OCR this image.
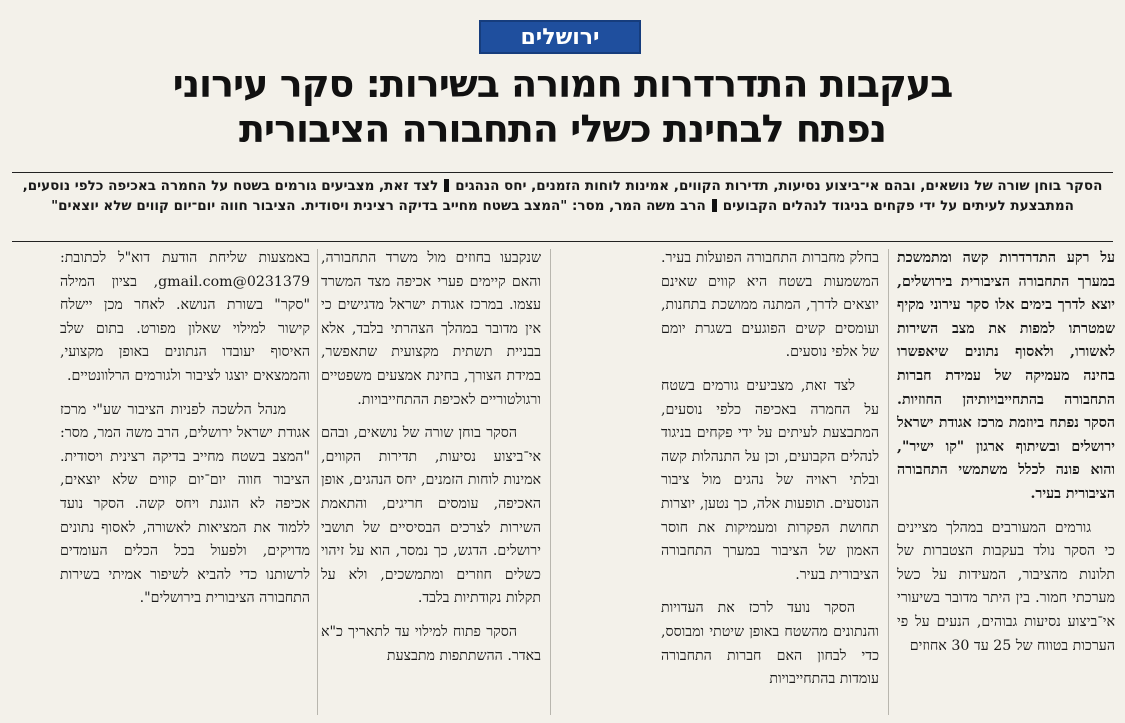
ירושלים
בעקבות התדרדרות חמורה בשירות: סקר עירוני
נפתח לבחינת כשלי התחבורה הציבורית
הסקר בוחן שורה של נושאים, ובהם אי־ביצוע נסיעות, תדירות הקווים, אמינות לוחות הזמנים, יחס הנהגיםלצד זאת, מצביעים גורמים בשטח על החמרה באכיפה כלפי נוסעים, המתבצעת לעיתים על ידי פקחים בניגוד לנהלים הקבועיםהרב משה המר, מסר: "המצב בשטח מחייב בדיקה רצינית ויסודית. הציבור חווה יום־יום קווים שלא יוצאים"

על רקע התדרדרות קשה ומתמשכת במערך התחבורה הציבורית בירושלים, יוצא לדרך בימים אלו סקר עירוני מקיף שמטרתו למפות את מצב השירות לאשורו, ולאסוף נתונים שיאפשרו בחינה מעמיקה של עמידת חברות התחבורה בהתחייבויותיהן החוזיות. הסקר נפתח ביוזמת מרכז אגודת ישראל ירושלים ובשיתוף ארגון "קו ישיר", והוא פונה לכלל משתמשי התחבורה הציבורית בעיר.

גורמים המעורבים במהלך מציינים כי הסקר נולד בעקבות הצטברות של תלונות מהציבור, המעידות על כשל מערכתי חמור. בין היתר מדובר בשיעורי אי־ביצוע נסיעות גבוהים, הנעים על פי הערכות בטווח של 25 עד 30 אחוזים

בחלק מחברות התחבורה הפועלות בעיר. המשמעות בשטח היא קווים שאינם יוצאים לדרך, המתנה ממושכת בתחנות, ועומסים קשים הפוגעים בשגרת יומם של אלפי נוסעים.

לצד זאת, מצביעים גורמים בשטח על החמרה באכיפה כלפי נוסעים, המתבצעת לעיתים על ידי פקחים בניגוד לנהלים הקבועים, וכן על התנהלות קשה ובלתי ראויה של נהגים מול ציבור הנוסעים. תופעות אלה, כך נטען, יוצרות תחושת הפקרות ומעמיקות את חוסר האמון של הציבור במערך התחבורה הציבורית בעיר.

הסקר נועד לרכז את העדויות והנתונים מהשטח באופן שיטתי ומבוסס, כדי לבחון האם חברות התחבורה עומדות בהתחייבויות

שנקבעו בחוזים מול משרד התחבורה, והאם קיימים פערי אכיפה מצד המשרד עצמו. במרכז אגודת ישראל מדגישים כי אין מדובר במהלך הצהרתי בלבד, אלא בבניית תשתית מקצועית שתאפשר, במידת הצורך, בחינת אמצעים משפטיים ורגולטוריים לאכיפת ההתחייבויות.

הסקר בוחן שורה של נושאים, ובהם אי־ביצוע נסיעות, תדירות הקווים, אמינות לוחות הזמנים, יחס הנהגים, אופן האכיפה, עומסים חריגים, והתאמת השירות לצרכים הבסיסיים של תושבי ירושלים. הדגש, כך נמסר, הוא על זיהוי כשלים חוזרים ומתמשכים, ולא על תקלות נקודתיות בלבד.

הסקר פתוח למילוי עד לתאריך כ"א באדר. ההשתתפות מתבצעת

באמצעות שליחת הודעת דוא"ל לכתובת: 0231379@gmail.com, בציון המילה "סקר" בשורת הנושא. לאחר מכן יישלח קישור למילוי שאלון מפורט. בתום שלב האיסוף יעובדו הנתונים באופן מקצועי, והממצאים יוצגו לציבור ולגורמים הרלוונטיים.

מנהל הלשכה לפניות הציבור שע"י מרכז אגודת ישראל ירושלים, הרב משה המר, מסר: "המצב בשטח מחייב בדיקה רצינית ויסודית. הציבור חווה יום־יום קווים שלא יוצאים, אכיפה לא הוגנת ויחס קשה. הסקר נועד ללמוד את המציאות לאשורה, לאסוף נתונים מדויקים, ולפעול בכל הכלים העומדים לרשותנו כדי להביא לשיפור אמיתי בשירות התחבורה הציבורית בירושלים".
